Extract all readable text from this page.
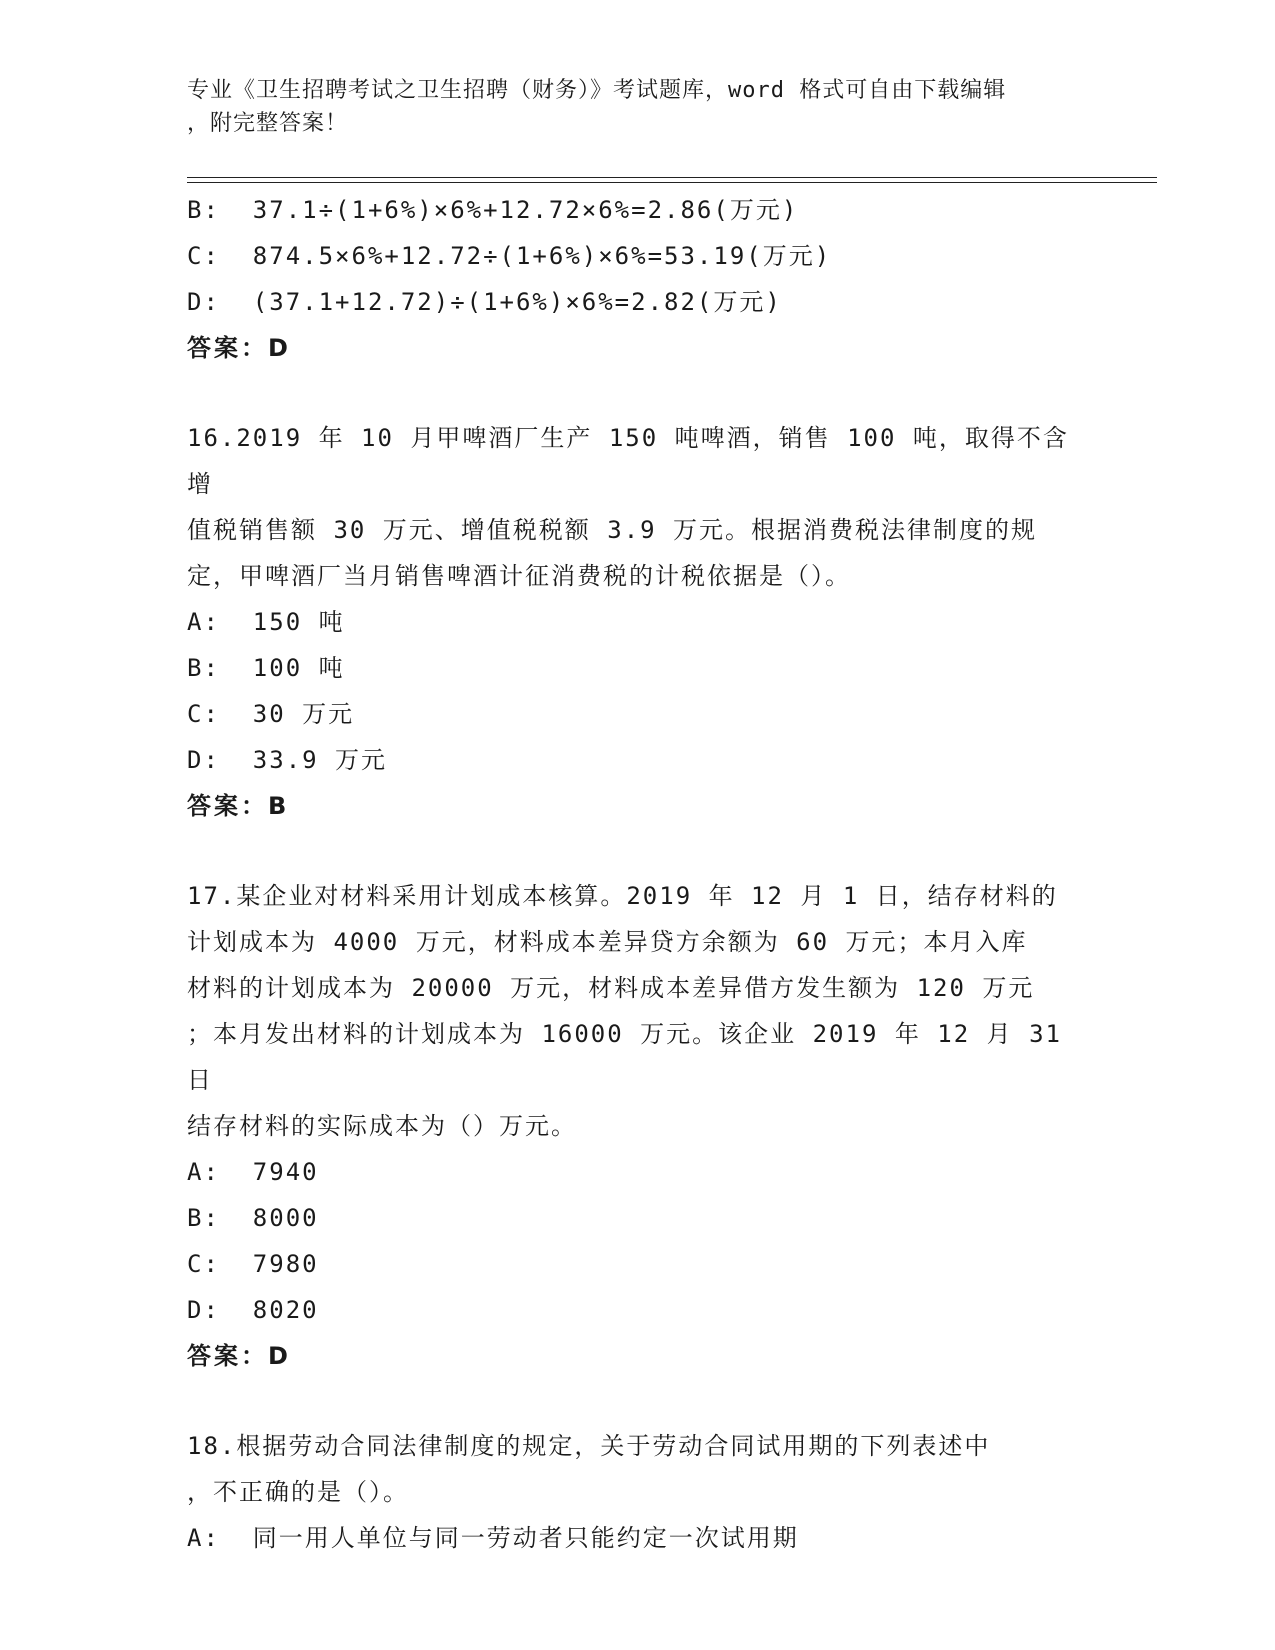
专业《卫生招聘考试之卫生招聘（财务）》考试题库，word 格式可自由下载编辑
，附完整答案！

B:  37.1÷(1+6%)×6%+12.72×6%=2.86(万元)

C:  874.5×6%+12.72÷(1+6%)×6%=53.19(万元)

D:  (37.1+12.72)÷(1+6%)×6%=2.82(万元)

答案：D

16.2019 年 10 月甲啤酒厂生产 150 吨啤酒，销售 100 吨，取得不含增

值税销售额 30 万元、增值税税额 3.9 万元。根据消费税法律制度的规

定，甲啤酒厂当月销售啤酒计征消费税的计税依据是（）。

A:  150 吨

B:  100 吨

C:  30 万元

D:  33.9 万元

答案：B

17.某企业对材料采用计划成本核算。2019 年 12 月 1 日，结存材料的

计划成本为 4000 万元，材料成本差异贷方余额为 60 万元；本月入库

材料的计划成本为 20000 万元，材料成本差异借方发生额为 120 万元

；本月发出材料的计划成本为 16000 万元。该企业 2019 年 12 月 31 日

结存材料的实际成本为（）万元。

A:  7940

B:  8000

C:  7980

D:  8020

答案：D

18.根据劳动合同法律制度的规定，关于劳动合同试用期的下列表述中

，不正确的是（）。

A:  同一用人单位与同一劳动者只能约定一次试用期
